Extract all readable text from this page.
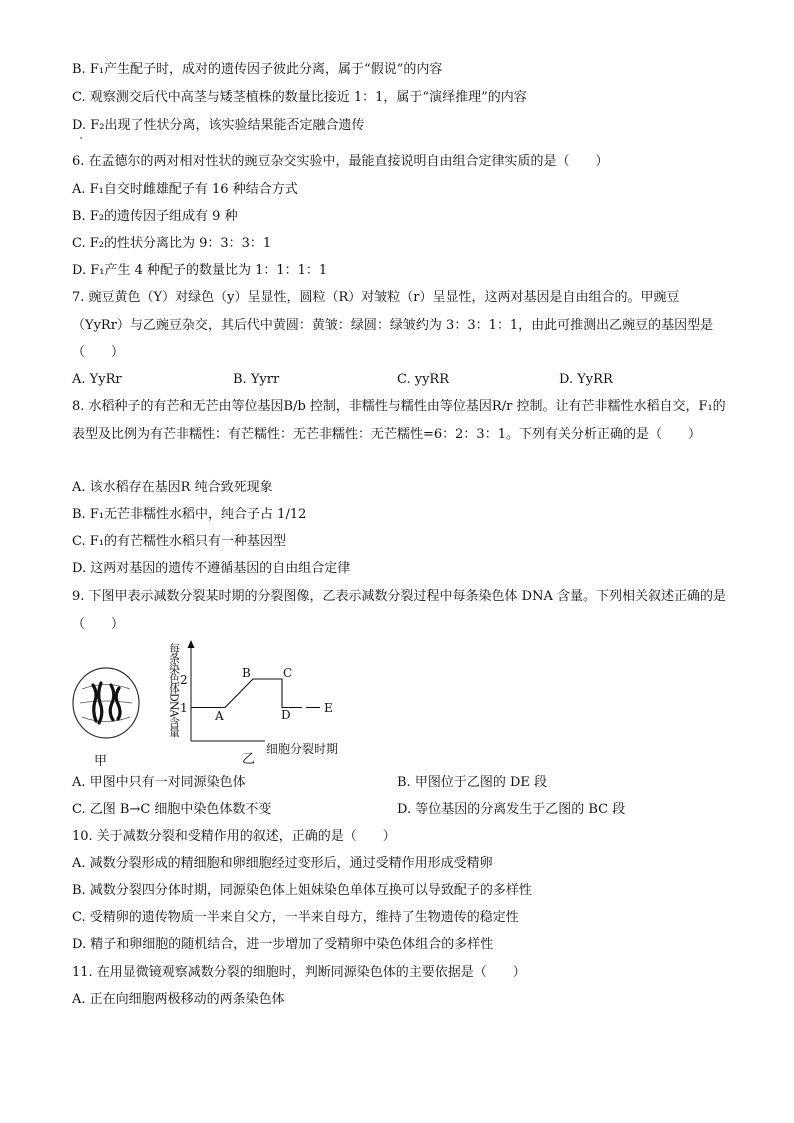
B. F₁产生配子时，成对的遗传因子彼此分离，属于“假说”的内容
C. 观察测交后代中高茎与矮茎植株的数量比接近 1：1，属于“演绎推理”的内容
D. F₂出现了性状分离，该实验结果能否定融合遗传
6. 在孟德尔的两对相对性状的豌豆杂交实验中，最能直接说明自由组合定律实质的是（　　）
A. F₁自交时雌雄配子有 16 种结合方式
B. F₂的遗传因子组成有 9 种
C. F₂的性状分离比为 9：3：3：1
D. F₁产生 4 种配子的数量比为 1：1：1：1
7. 豌豆黄色（Y）对绿色（y）呈显性，圆粒（R）对皱粒（r）呈显性，这两对基因是自由组合的。甲豌豆（YyRr）与乙豌豆杂交，其后代中黄圆：黄皱：绿圆：绿皱约为 3：3：1：1，由此可推测出乙豌豆的基因型是（　　）
A. YyRr	B. Yyrr	C. yyRR	D. YyRR
8. 水稻种子的有芒和无芒由等位基因B/b 控制，非糯性与糯性由等位基因R/r 控制。让有芒非糯性水稻自交，F₁的表型及比例为有芒非糯性：有芒糯性：无芒非糯性：无芒糯性=6：2：3：1。下列有关分析正确的是（　　）
A. 该水稻存在基因R 纯合致死现象
B. F₁无芒非糯性水稻中，纯合子占 1/12
C. F₁的有芒糯性水稻只有一种基因型
D. 这两对基因的遗传不遵循基因的自由组合定律
9. 下图甲表示减数分裂某时期的分裂图像，乙表示减数分裂过程中每条染色体 DNA 含量。下列相关叙述正确的是（　　）
甲
2
1
A
B	C
D	E
每条染色体DNA含量
细胞分裂时期
乙
A. 甲图中只有一对同源染色体	B. 甲图位于乙图的 DE 段
C. 乙图 B→C 细胞中染色体数不变	D. 等位基因的分离发生于乙图的 BC 段
10. 关于减数分裂和受精作用的叙述，正确的是（　　）
A. 减数分裂形成的精细胞和卵细胞经过变形后，通过受精作用形成受精卵
B. 减数分裂四分体时期，同源染色体上姐妹染色单体互换可以导致配子的多样性
C. 受精卵的遗传物质一半来自父方，一半来自母方，维持了生物遗传的稳定性
D. 精子和卵细胞的随机结合，进一步增加了受精卵中染色体组合的多样性
11. 在用显微镜观察减数分裂的细胞时，判断同源染色体的主要依据是（　　）
A. 正在向细胞两极移动的两条染色体
